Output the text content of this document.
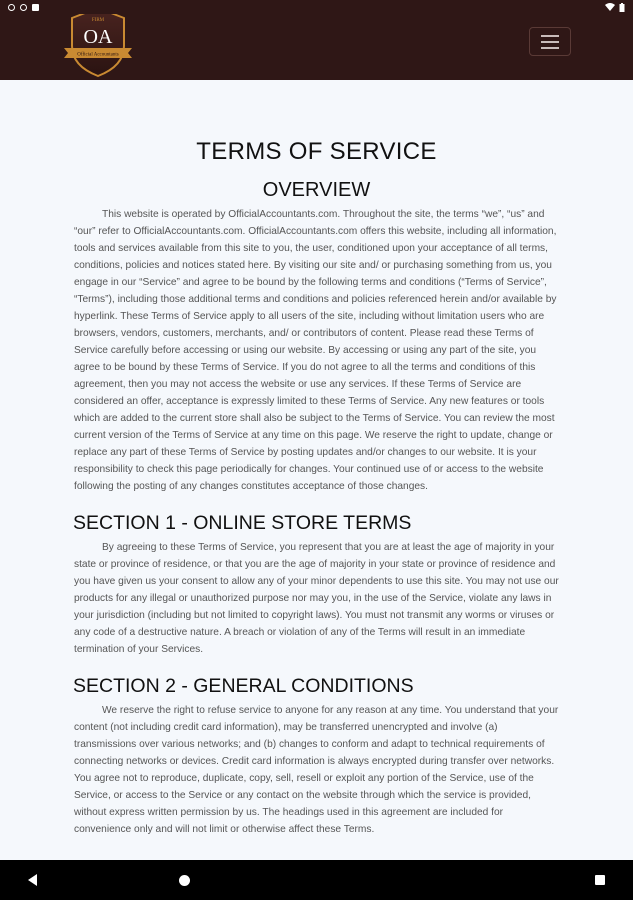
FIRM
OA
Official Accountants
TERMS OF SERVICE
OVERVIEW

This website is operated by OfficialAccountants.com. Throughout the site, the terms “we”, “us” and “our” refer to OfficialAccountants.com. OfficialAccountants.com offers this website, including all information, tools and services available from this site to you, the user, conditioned upon your acceptance of all terms, conditions, policies and notices stated here. By visiting our site and/ or purchasing something from us, you engage in our “Service” and agree to be bound by the following terms and conditions (“Terms of Service”, “Terms”), including those additional terms and conditions and policies referenced herein and/or available by hyperlink. These Terms of Service apply to all users of the site, including without limitation users who are browsers, vendors, customers, merchants, and/ or contributors of content. Please read these Terms of Service carefully before accessing or using our website. By accessing or using any part of the site, you agree to be bound by these Terms of Service. If you do not agree to all the terms and conditions of this agreement, then you may not access the website or use any services. If these Terms of Service are considered an offer, acceptance is expressly limited to these Terms of Service. Any new features or tools which are added to the current store shall also be subject to the Terms of Service. You can review the most current version of the Terms of Service at any time on this page. We reserve the right to update, change or replace any part of these Terms of Service by posting updates and/or changes to our website. It is your responsibility to check this page periodically for changes. Your continued use of or access to the website following the posting of any changes constitutes acceptance of those changes.

SECTION 1 - ONLINE STORE TERMS

By agreeing to these Terms of Service, you represent that you are at least the age of majority in your state or province of residence, or that you are the age of majority in your state or province of residence and you have given us your consent to allow any of your minor dependents to use this site. You may not use our products for any illegal or unauthorized purpose nor may you, in the use of the Service, violate any laws in your jurisdiction (including but not limited to copyright laws). You must not transmit any worms or viruses or any code of a destructive nature. A breach or violation of any of the Terms will result in an immediate termination of your Services.

SECTION 2 - GENERAL CONDITIONS

We reserve the right to refuse service to anyone for any reason at any time. You understand that your content (not including credit card information), may be transferred unencrypted and involve (a) transmissions over various networks; and (b) changes to conform and adapt to technical requirements of connecting networks or devices. Credit card information is always encrypted during transfer over networks. You agree not to reproduce, duplicate, copy, sell, resell or exploit any portion of the Service, use of the Service, or access to the Service or any contact on the website through which the service is provided, without express written permission by us. The headings used in this agreement are included for convenience only and will not limit or otherwise affect these Terms.
